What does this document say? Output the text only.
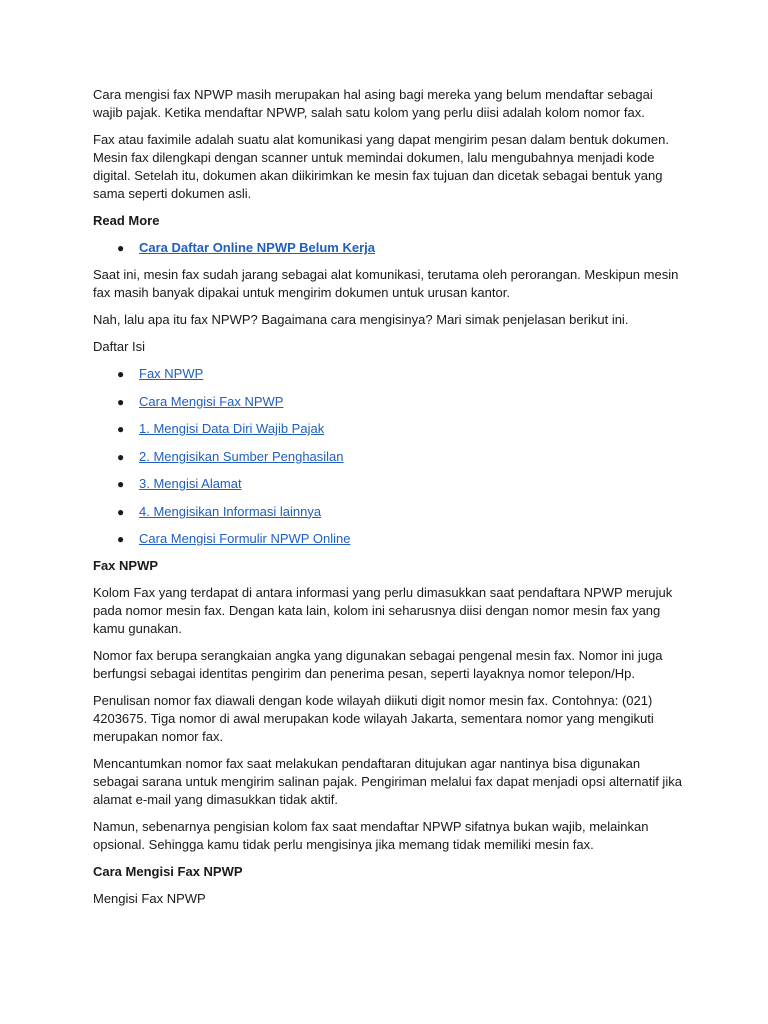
Cara mengisi fax NPWP masih merupakan hal asing bagi mereka yang belum mendaftar sebagai wajib pajak. Ketika mendaftar NPWP, salah satu kolom yang perlu diisi adalah kolom nomor fax.

Fax atau faximile adalah suatu alat komunikasi yang dapat mengirim pesan dalam bentuk dokumen. Mesin fax dilengkapi dengan scanner untuk memindai dokumen, lalu mengubahnya menjadi kode digital. Setelah itu, dokumen akan diikirimkan ke mesin fax tujuan dan dicetak sebagai bentuk yang sama seperti dokumen asli.

Read More

● Cara Daftar Online NPWP Belum Kerja

Saat ini, mesin fax sudah jarang sebagai alat komunikasi, terutama oleh perorangan. Meskipun mesin fax masih banyak dipakai untuk mengirim dokumen untuk urusan kantor.

Nah, lalu apa itu fax NPWP? Bagaimana cara mengisinya? Mari simak penjelasan berikut ini.

Daftar Isi

● Fax NPWP
● Cara Mengisi Fax NPWP
● 1. Mengisi Data Diri Wajib Pajak
● 2. Mengisikan Sumber Penghasilan
● 3. Mengisi Alamat
● 4. Mengisikan Informasi lainnya
● Cara Mengisi Formulir NPWP Online

Fax NPWP

Kolom Fax yang terdapat di antara informasi yang perlu dimasukkan saat pendaftara NPWP merujuk pada nomor mesin fax. Dengan kata lain, kolom ini seharusnya diisi dengan nomor mesin fax yang kamu gunakan.

Nomor fax berupa serangkaian angka yang digunakan sebagai pengenal mesin fax. Nomor ini juga berfungsi sebagai identitas pengirim dan penerima pesan, seperti layaknya nomor telepon/Hp.

Penulisan nomor fax diawali dengan kode wilayah diikuti digit nomor mesin fax. Contohnya: (021) 4203675. Tiga nomor di awal merupakan kode wilayah Jakarta, sementara nomor yang mengikuti merupakan nomor fax.

Mencantumkan nomor fax saat melakukan pendaftaran ditujukan agar nantinya bisa digunakan sebagai sarana untuk mengirim salinan pajak. Pengiriman melalui fax dapat menjadi opsi alternatif jika alamat e-mail yang dimasukkan tidak aktif.

Namun, sebenarnya pengisian kolom fax saat mendaftar NPWP sifatnya bukan wajib, melainkan opsional. Sehingga kamu tidak perlu mengisinya jika memang tidak memiliki mesin fax.

Cara Mengisi Fax NPWP

Mengisi Fax NPWP
